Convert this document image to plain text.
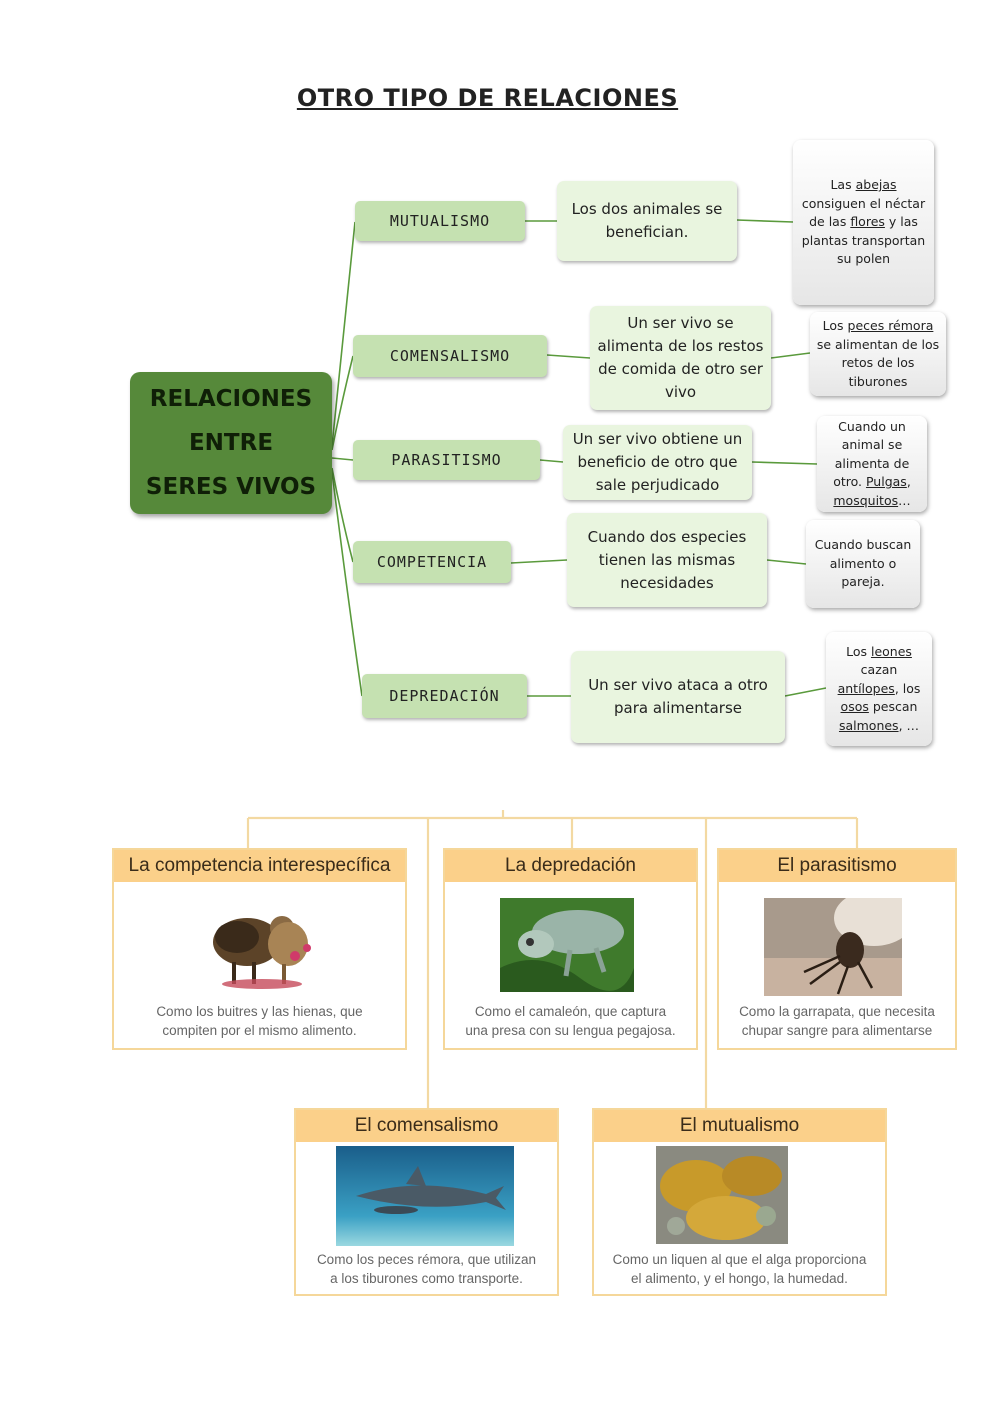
OTRO TIPO DE RELACIONES
RELACIONES
ENTRE
SERES VIVOS
MUTUALISMO
Los dos animales se benefician.
Las abejas consiguen el néctar de las flores y las plantas transportan su polen
COMENSALISMO
Un ser vivo se alimenta de los restos de comida de otro ser vivo
Los peces rémora se alimentan de los retos de los tiburones
PARASITISMO
Un ser vivo obtiene un beneficio de otro que sale perjudicado
Cuando un animal se alimenta de otro. Pulgas, mosquitos…
COMPETENCIA
Cuando dos especies tienen las mismas necesidades
Cuando buscan alimento o pareja.
DEPREDACIÓN
Un ser vivo ataca a otro para alimentarse
Los leones cazan antílopes, los osos pescan salmones, …
La competencia interespecífica
Como los buitres y las hienas, que
compiten por el mismo alimento.
La depredación
Como el camaleón, que captura
una presa con su lengua pegajosa.
El parasitismo
Como la garrapata, que necesita
chupar sangre para alimentarse
El comensalismo
Como los peces rémora, que utilizan
a los tiburones como transporte.
El mutualismo
Como un liquen al que el alga proporciona
el alimento, y el hongo, la humedad.
